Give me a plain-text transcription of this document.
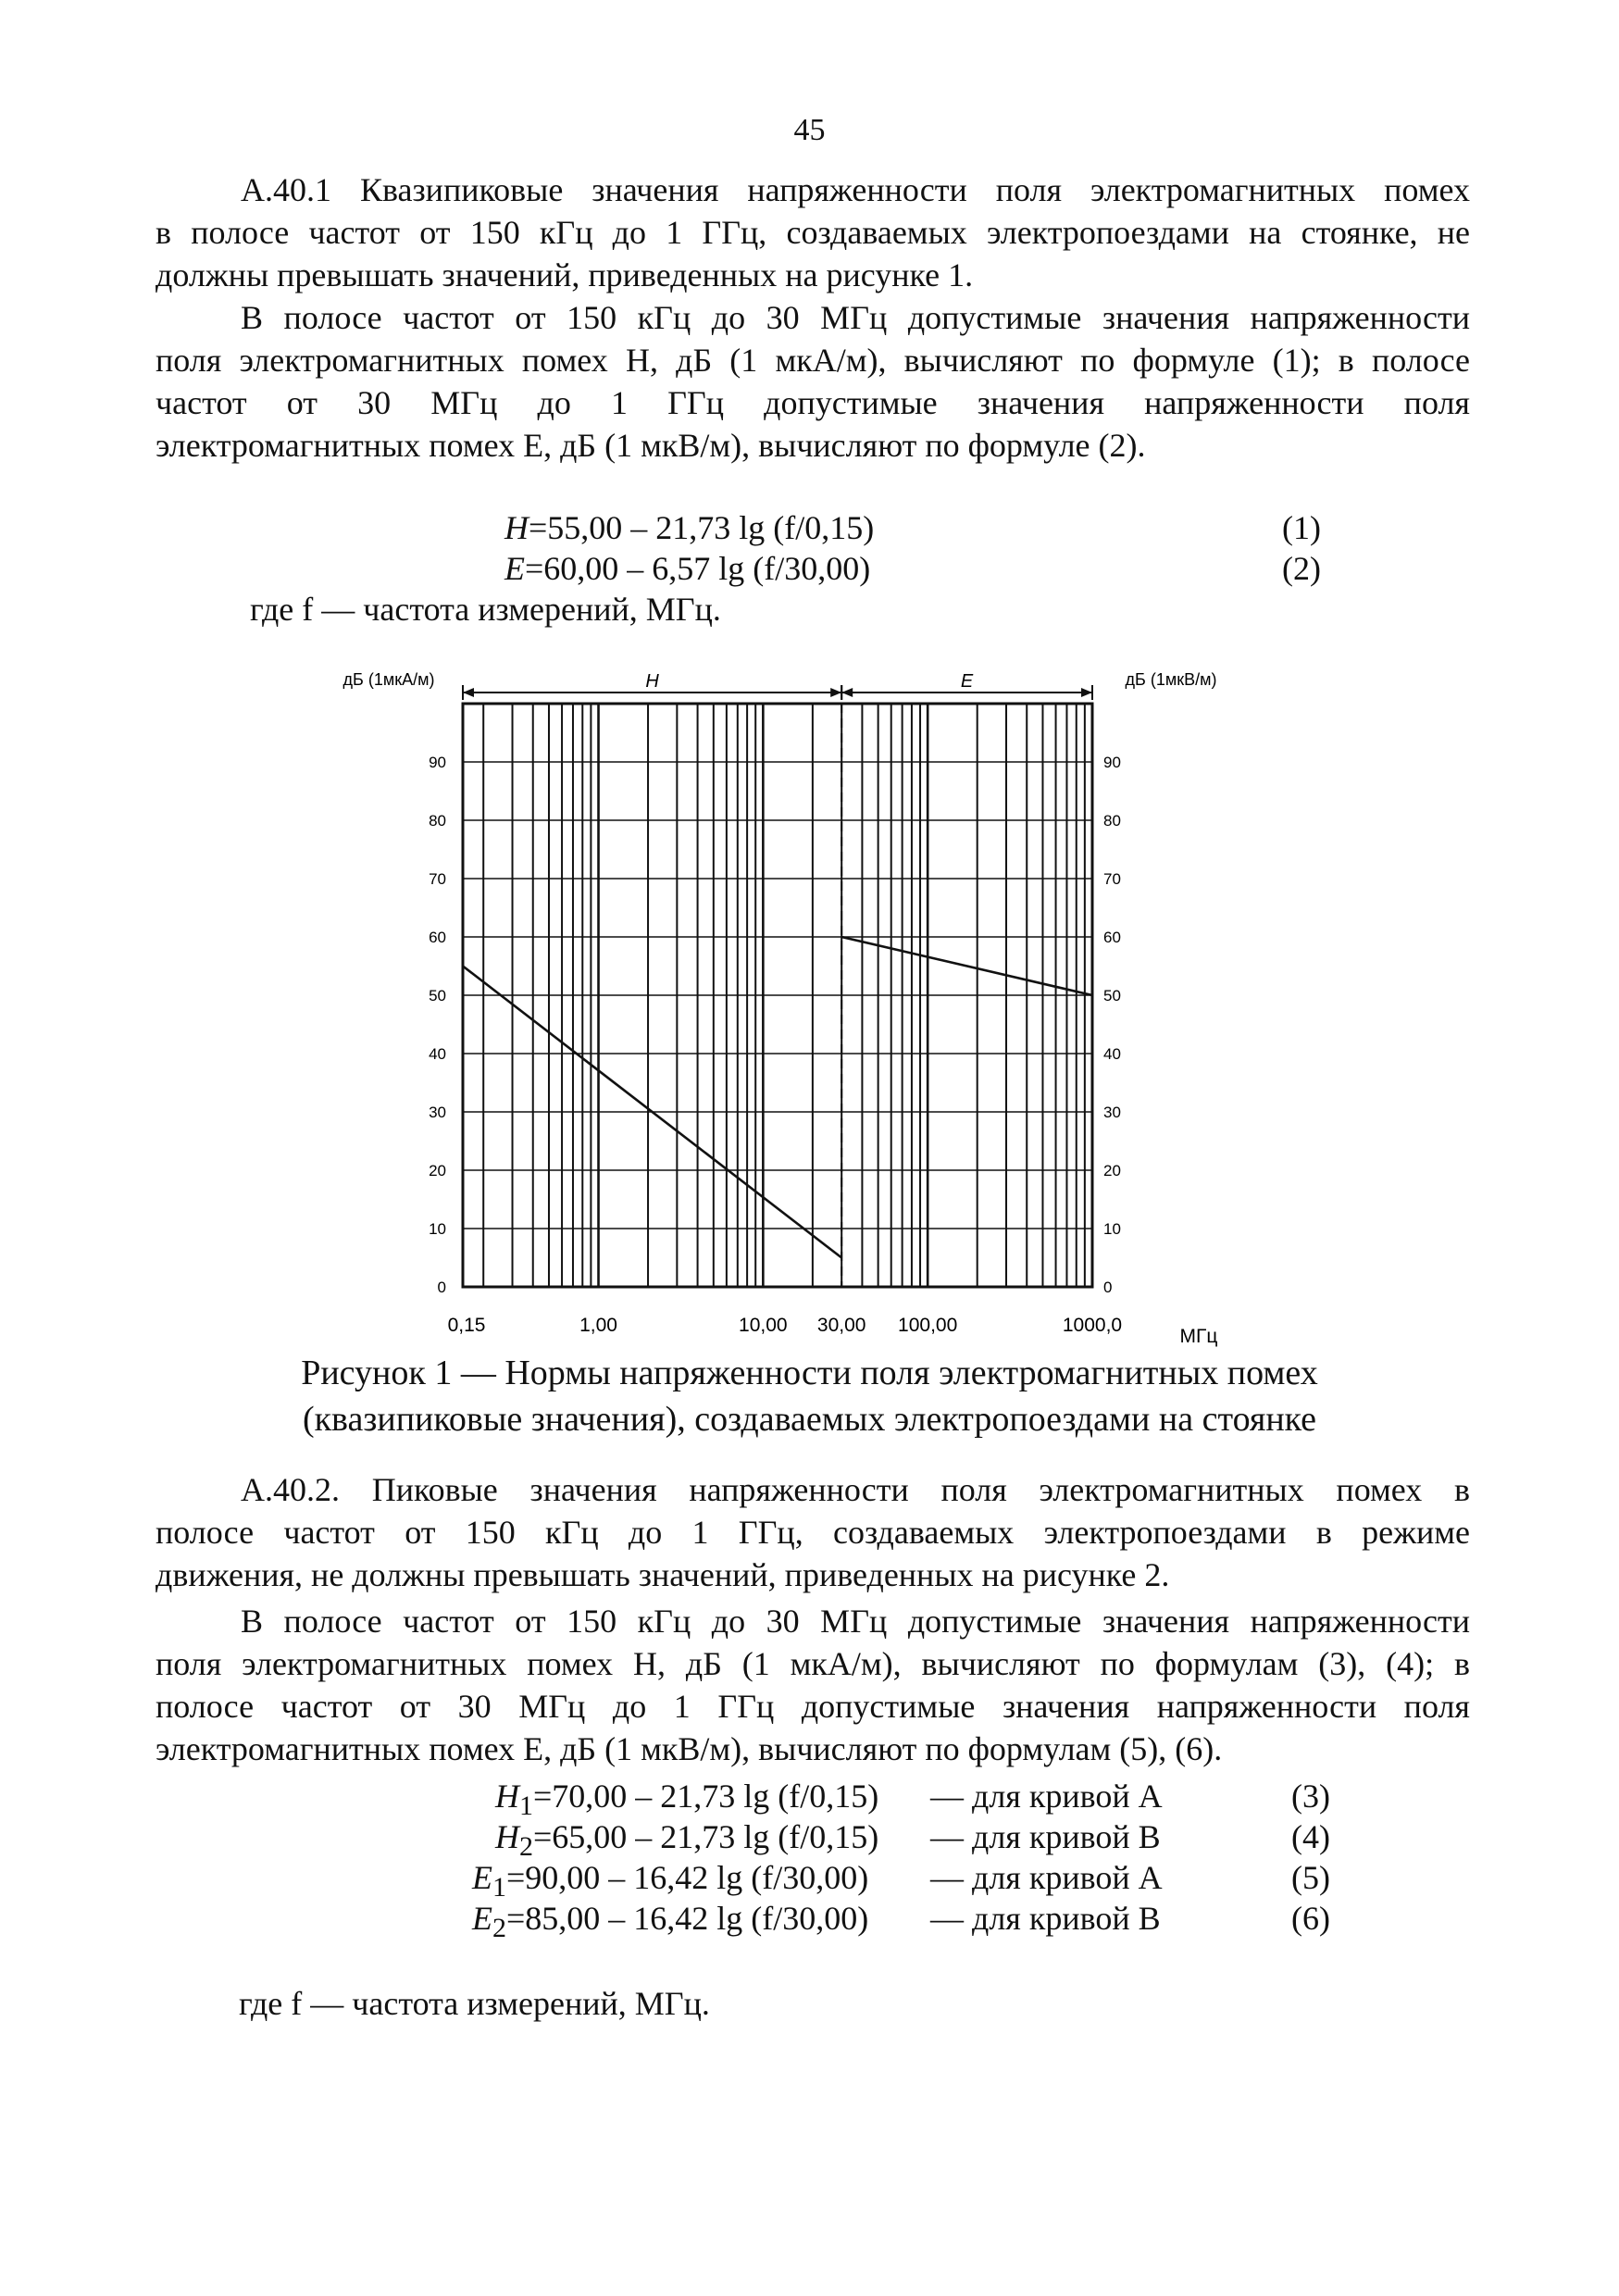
45
А.40.1 Квазипиковые значения напряженности поля электромагнитных помех
в полосе частот от 150 кГц до 1 ГГц, создаваемых электропоездами на стоянке, не
должны превышать значений, приведенных на рисунке 1.
В полосе частот от 150 кГц до 30 МГц допустимые значения напряженности
поля электромагнитных помех H, дБ (1 мкА/м), вычисляют по формуле (1); в полосе
частот от 30 МГц до 1 ГГц допустимые значения напряженности поля
электромагнитных помех E, дБ (1 мкВ/м), вычисляют по формуле (2).
H=55,00 – 21,73 lg (f/0,15)	(1)
E=60,00 – 6,57 lg (f/30,00)	(2)
где f — частота измерений, МГц.
0
10
20
30
40
50
60
70
80
90
0
10
20
30
40
50
60
70
80
90
0,15	1,00	10,00 30,00 100,00	1000,0
H	E
дБ (1мкА/м)	дБ (1мкВ/м)
МГц
Рисунок 1 — Нормы напряженности поля электромагнитных помех
(квазипиковые значения), создаваемых электропоездами на стоянке
А.40.2. Пиковые значения напряженности поля электромагнитных помех в
полосе частот от 150 кГц до 1 ГГц, создаваемых электропоездами в режиме
движения, не должны превышать значений, приведенных на рисунке 2.
В полосе частот от 150 кГц до 30 МГц допустимые значения напряженности
поля электромагнитных помех H, дБ (1 мкА/м), вычисляют по формулам (3), (4); в
полосе частот от 30 МГц до 1 ГГц допустимые значения напряженности поля
электромагнитных помех E, дБ (1 мкВ/м), вычисляют по формулам (5), (6).
$H_1=70,00 - 21,73$ lg (f/0,15) — для кривой А	(3)
$H_2=65,00 - 21,73$ lg (f/0,15) — для кривой В	(4)
$E_1=90,00 - 16,42$ lg (f/30,00) — для кривой А	(5)
$E_2=85,00 - 16,42$ lg (f/30,00) — для кривой В	(6)
где f — частота измерений, МГц.
